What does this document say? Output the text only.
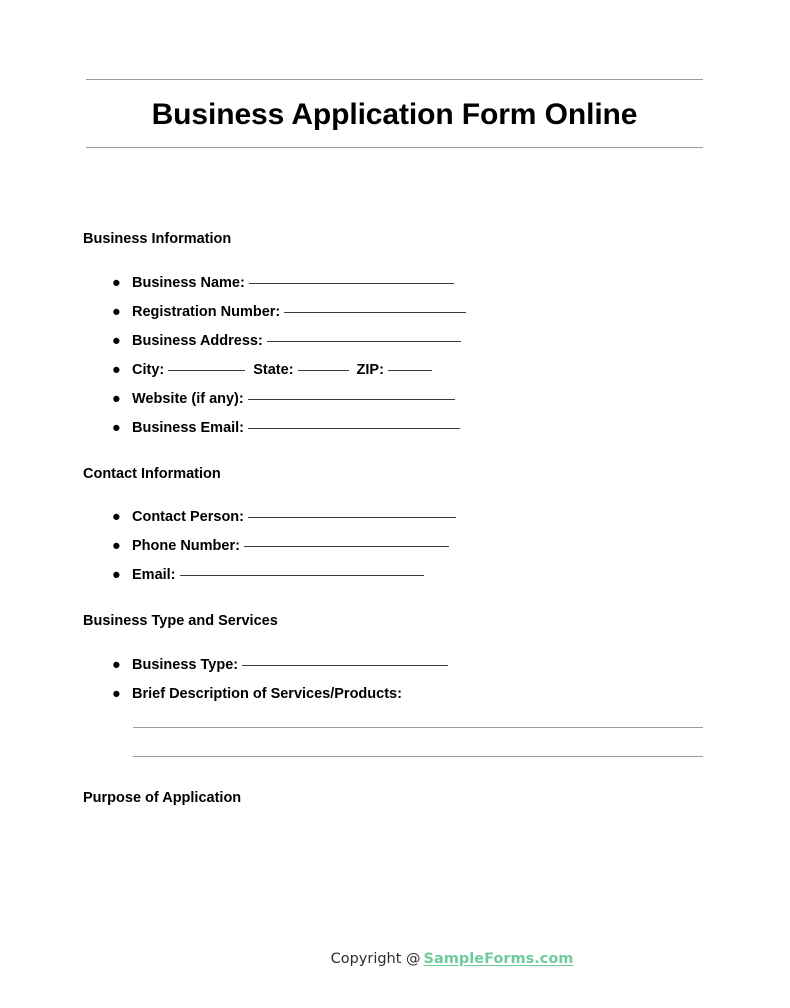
Business Application Form Online
Business Information
● Business Name:
● Registration Number:
● Business Address:
● City:	State:	ZIP:
● Website (if any):
● Business Email:
Contact Information
● Contact Person:
● Phone Number:
● Email:
Business Type and Services
● Business Type:
● Brief Description of Services/Products:
Purpose of Application
Copyright @ SampleForms.com
